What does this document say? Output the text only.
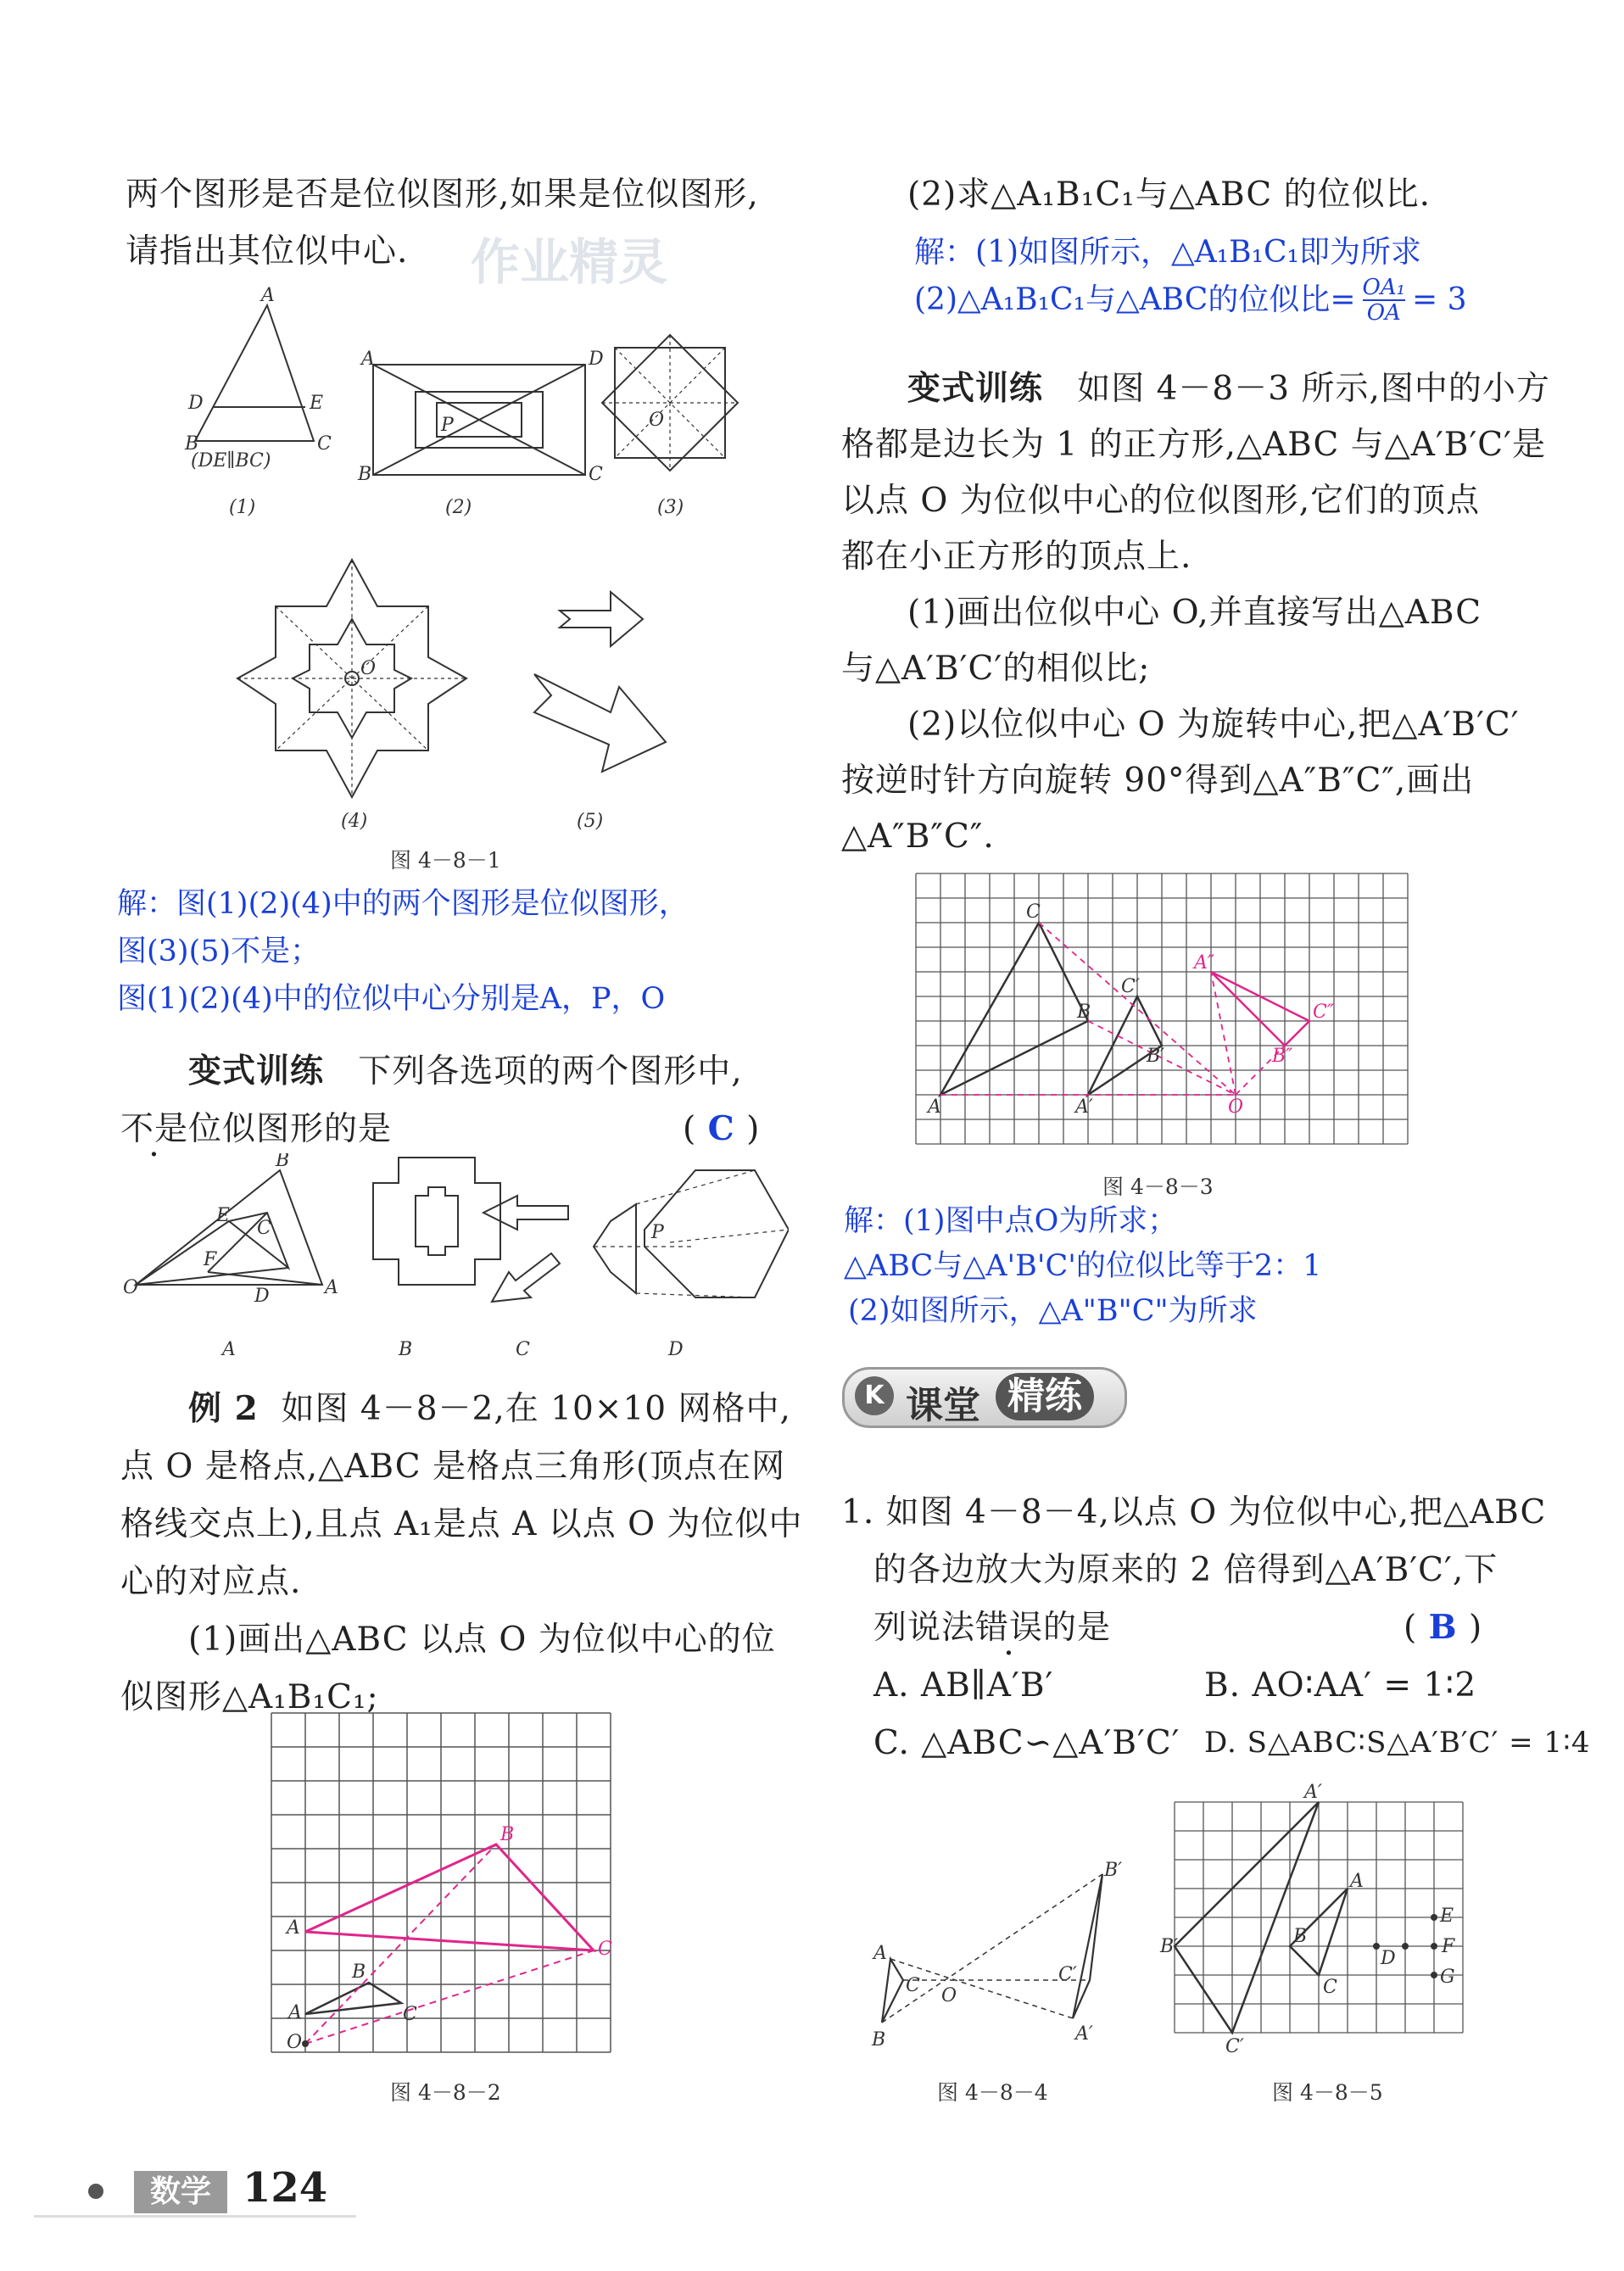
两个图形是否是位似图形,如果是位似图形,
请指出其位似中心. 作业精灵
A
B	C
D	E
A	D
B	C
P	O
O
(DE∥BC)
(1)	(2)	(3)
(4)	(5)
图 4－8－1
解：图(1)(2)(4)中的两个图形是位似图形，
图(3)(5)不是；
图(1)(2)(4)中的位似中心分别是A，P，O
变式训练 下列各选项的两个图形中,
不是位似图形的是	( C )
O
B
A
E
C
F
D
P
A	B	C	D
例 2 如图 4－8－2,在 10×10 网格中,
点 O 是格点,△ABC 是格点三角形(顶点在网
格线交点上),且点 A₁是点 A 以点 O 为位似中
心的对应点.
(1)画出△ABC 以点 O 为位似中心的位
似图形△A₁B₁C₁;
O
A
B
C
A
B
C
图 4－8－2
(2)求△A₁B₁C₁与△ABC 的位似比.
解：(1)如图所示，△A₁B₁C₁即为所求
(2)△A₁B₁C₁与△ABC的位似比= $\frac{\text{OA₁}}{OA} = 3$
变式训练 如图 4－8－3 所示,图中的小方
格都是边长为 1 的正方形,△ABC 与△A′B′C′是
以点 O 为位似中心的位似图形,它们的顶点
都在小正方形的顶点上.
(1)画出位似中心 O,并直接写出△ABC
与△A′B′C′的相似比;
(2)以位似中心 O 为旋转中心,把△A′B′C′
按逆时针方向旋转 90°得到△A″B″C″,画出
△A″B″C″.
A
C
B
A′
C′
B′
O
A″
C″
B″
图 4－8－3
解：(1)图中点O为所求；
△ABC与△A'B'C'的位似比等于2：1
(2)如图所示，△A"B"C"为所求
K 课堂 精练
1. 如图 4－8－4,以点 O 为位似中心,把△ABC
的各边放大为原来的 2 倍得到△A′B′C′,下
列说法错误的是	( B )
A. AB∥A′B′	B. AO∶AA′ = 1∶2
C. △ABC∽△A′B′C′ D. S△ABC∶S△A′B′C′ = 1∶4
A
C
B
O
B′
C′
A′
图 4－8－4
A′
A
B′	B
C
C′
D
E
F
G
图 4－8－5
数学 124
